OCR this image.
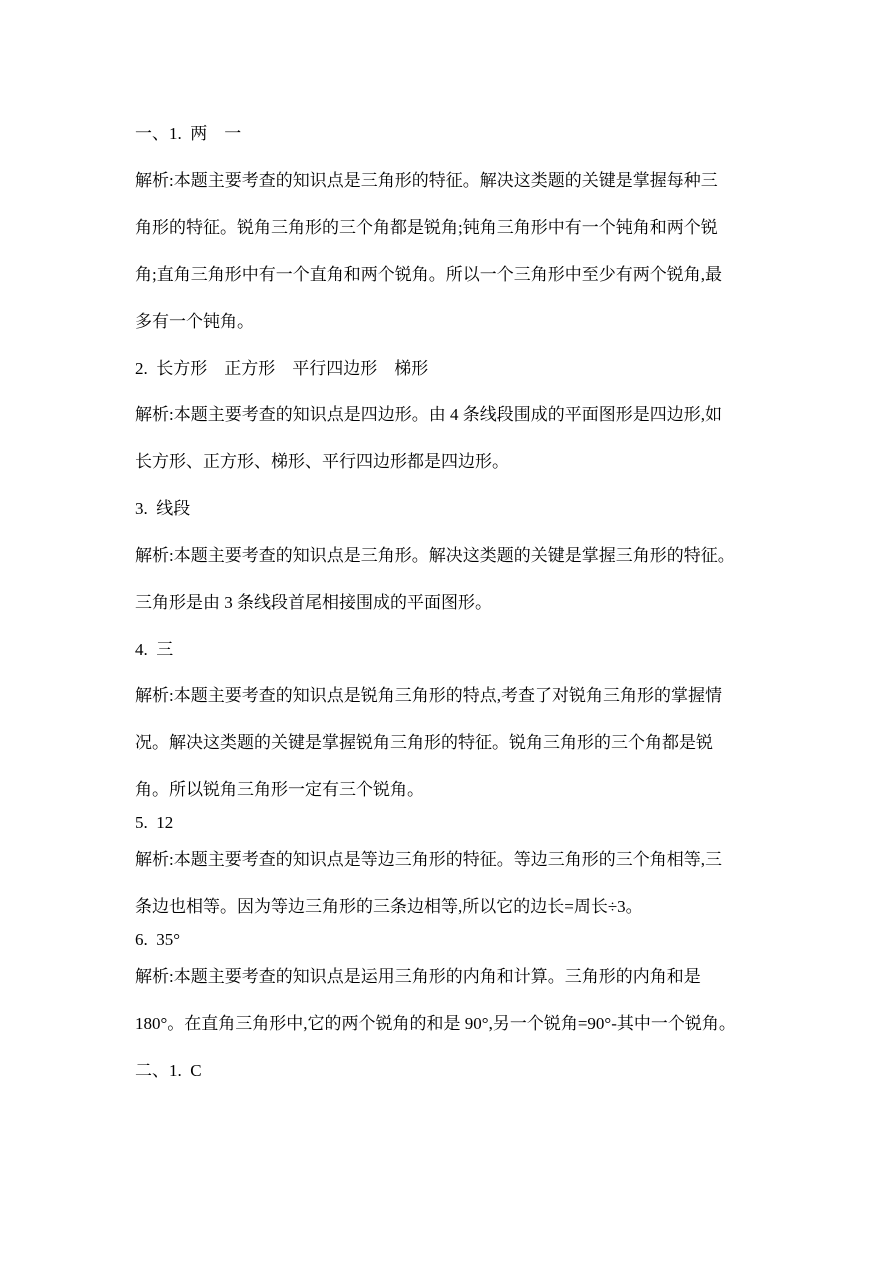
一、1.  两    一
解析:本题主要考查的知识点是三角形的特征。解决这类题的关键是掌握每种三
角形的特征。锐角三角形的三个角都是锐角;钝角三角形中有一个钝角和两个锐
角;直角三角形中有一个直角和两个锐角。所以一个三角形中至少有两个锐角,最
多有一个钝角。
2.  长方形    正方形    平行四边形    梯形
解析:本题主要考查的知识点是四边形。由 4 条线段围成的平面图形是四边形,如
长方形、正方形、梯形、平行四边形都是四边形。
3.  线段
解析:本题主要考查的知识点是三角形。解决这类题的关键是掌握三角形的特征。
三角形是由 3 条线段首尾相接围成的平面图形。
4.  三
解析:本题主要考查的知识点是锐角三角形的特点,考查了对锐角三角形的掌握情
况。解决这类题的关键是掌握锐角三角形的特征。锐角三角形的三个角都是锐
角。所以锐角三角形一定有三个锐角。
5.  12
解析:本题主要考查的知识点是等边三角形的特征。等边三角形的三个角相等,三
条边也相等。因为等边三角形的三条边相等,所以它的边长=周长÷3。
6.  35°
解析:本题主要考查的知识点是运用三角形的内角和计算。三角形的内角和是
180°。在直角三角形中,它的两个锐角的和是 90°,另一个锐角=90°-其中一个锐角。
二、1.  C
